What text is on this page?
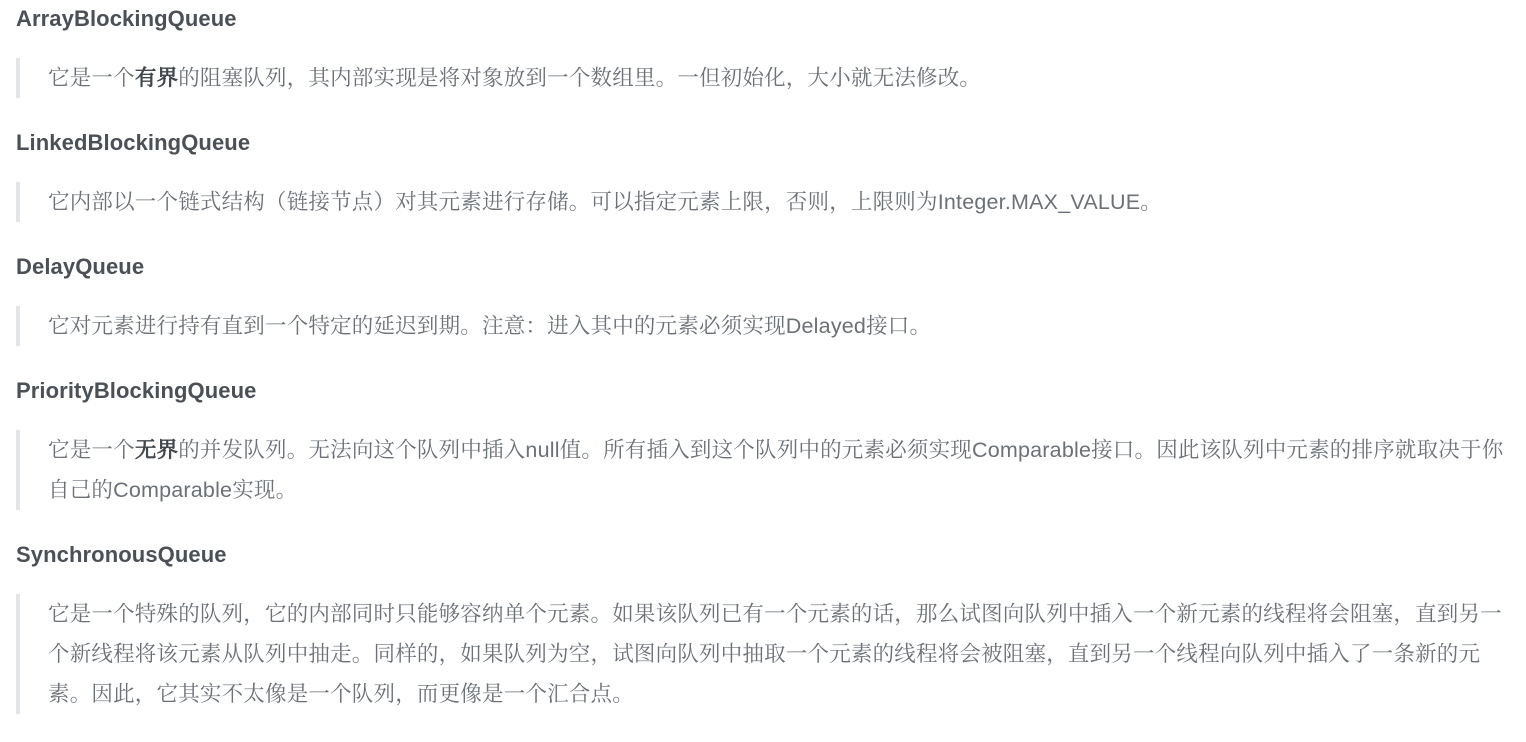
ArrayBlockingQueue
它是一个有界的阻塞队列，其内部实现是将对象放到一个数组里。一但初始化，大小就无法修改。
LinkedBlockingQueue
它内部以一个链式结构（链接节点）对其元素进行存储。可以指定元素上限，否则，上限则为Integer.MAX_VALUE。
DelayQueue
它对元素进行持有直到一个特定的延迟到期。注意：进入其中的元素必须实现Delayed接口。
PriorityBlockingQueue
它是一个无界的并发队列。无法向这个队列中插入null值。所有插入到这个队列中的元素必须实现Comparable接口。因此该队列中元素的排序就取决于你自己的Comparable实现。
SynchronousQueue
它是一个特殊的队列，它的内部同时只能够容纳单个元素。如果该队列已有一个元素的话，那么试图向队列中插入一个新元素的线程将会阻塞，直到另一个新线程将该元素从队列中抽走。同样的，如果队列为空，试图向队列中抽取一个元素的线程将会被阻塞，直到另一个线程向队列中插入了一条新的元素。因此，它其实不太像是一个队列，而更像是一个汇合点。
